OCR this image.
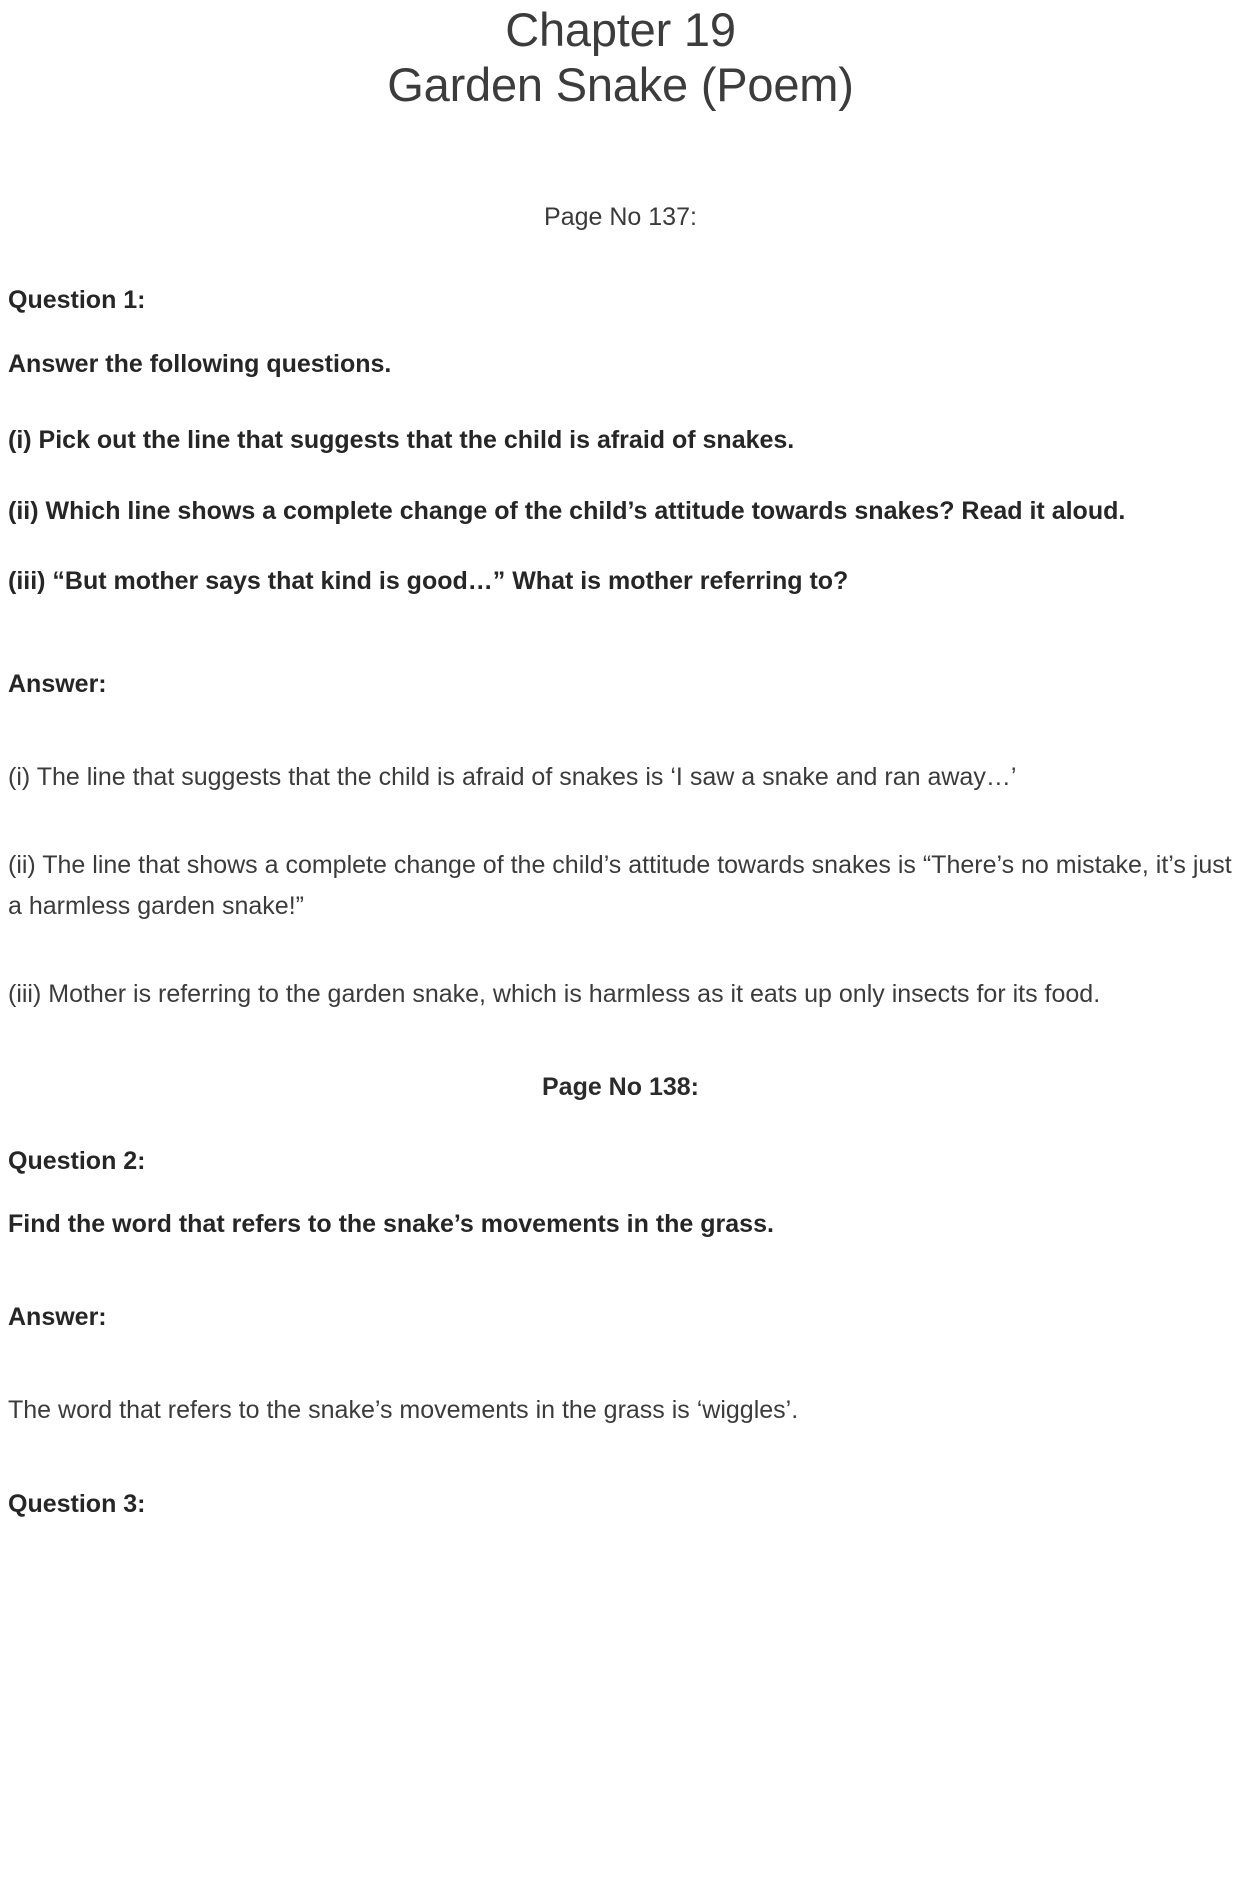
Chapter 19
Garden Snake (Poem)
Page No 137:
Question 1:
Answer the following questions.
(i) Pick out the line that suggests that the child is afraid of snakes.
(ii) Which line shows a complete change of the child’s attitude towards snakes? Read it aloud.
(iii) “But mother says that kind is good…” What is mother referring to?
Answer:
(i) The line that suggests that the child is afraid of snakes is ‘I saw a snake and ran away…’
(ii) The line that shows a complete change of the child’s attitude towards snakes is “There’s no mistake, it’s just a harmless garden snake!”
(iii) Mother is referring to the garden snake, which is harmless as it eats up only insects for its food.
Page No 138:
Question 2:
Find the word that refers to the snake’s movements in the grass.
Answer:
The word that refers to the snake’s movements in the grass is ‘wiggles’.
Question 3:
